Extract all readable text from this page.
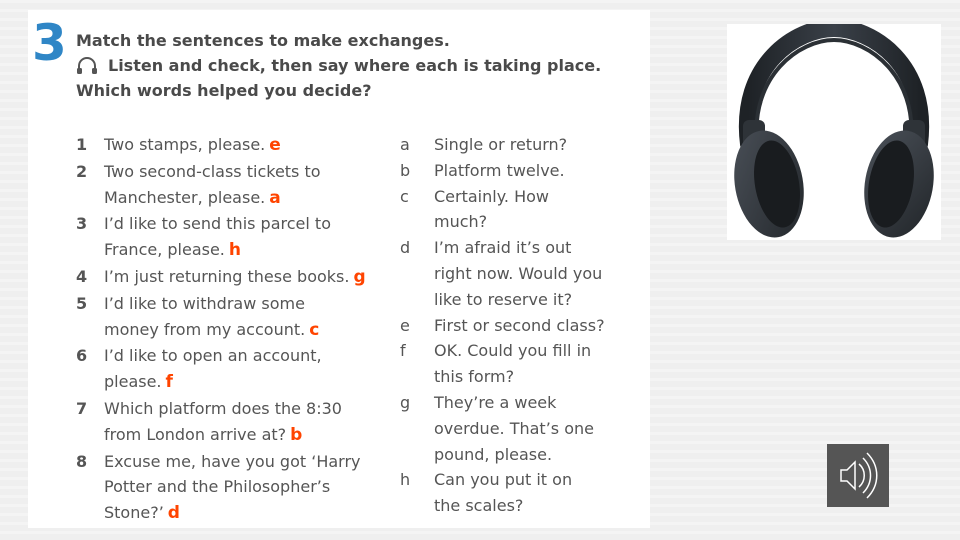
3 Match the sentences to make exchanges.
Listen and check, then say where each is taking place.
Which words helped you decide?
1	Two stamps, please. e
2	Two second-class tickets to
Manchester, please. a
3	I’d like to send this parcel to
France, please. h
4	I’m just returning these books. g
5	I’d like to withdraw some
money from my account. c
6	I’d like to open an account,
please. f
7	Which platform does the 8:30
from London arrive at? b
8	Excuse me, have you got ‘Harry
Potter and the Philosopher’s
Stone?’ d
a	Single or return?
b	Platform twelve.
c	Certainly. How
much?
d	I’m afraid it’s out
right now. Would you
like to reserve it?
e	First or second class?
f	OK. Could you fill in
this form?
g	They’re a week
overdue. That’s one
pound, please.
h	Can you put it on
the scales?
